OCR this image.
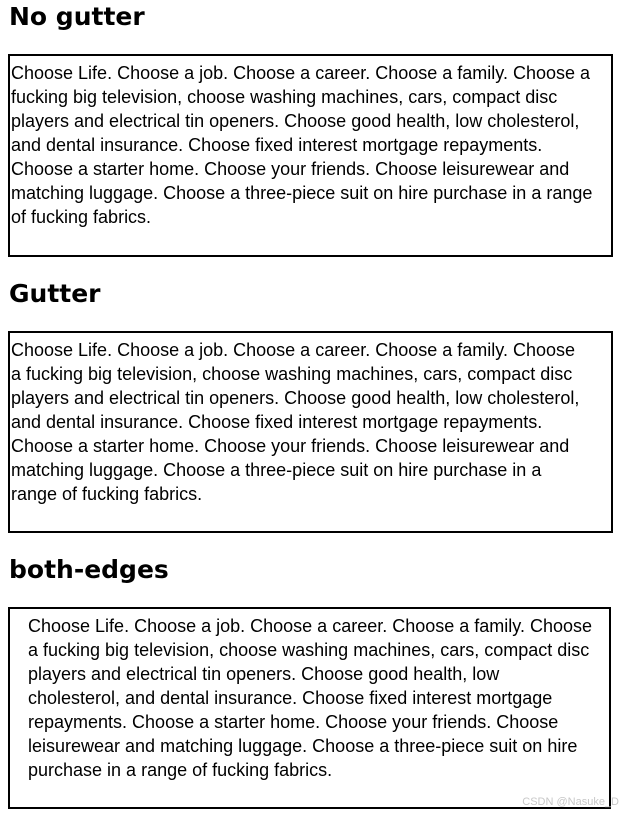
No gutter

Choose Life. Choose a job. Choose a career. Choose a family. Choose a fucking big television, choose washing machines, cars, compact disc players and electrical tin openers. Choose good health, low cholesterol, and dental insurance. Choose fixed interest mortgage repayments. Choose a starter home. Choose your friends. Choose leisurewear and matching luggage. Choose a three-piece suit on hire purchase in a range of fucking fabrics.

Gutter

Choose Life. Choose a job. Choose a career. Choose a family. Choose a fucking big television, choose washing machines, cars, compact disc players and electrical tin openers. Choose good health, low cholesterol, and dental insurance. Choose fixed interest mortgage repayments. Choose a starter home. Choose your friends. Choose leisurewear and matching luggage. Choose a three-piece suit on hire purchase in a range of fucking fabrics.

both-edges

Choose Life. Choose a job. Choose a career. Choose a family. Choose a fucking big television, choose washing machines, cars, compact disc players and electrical tin openers. Choose good health, low cholesterol, and dental insurance. Choose fixed interest mortgage repayments. Choose a starter home. Choose your friends. Choose leisurewear and matching luggage. Choose a three-piece suit on hire purchase in a range of fucking fabrics.

CSDN @Nasuke_D
